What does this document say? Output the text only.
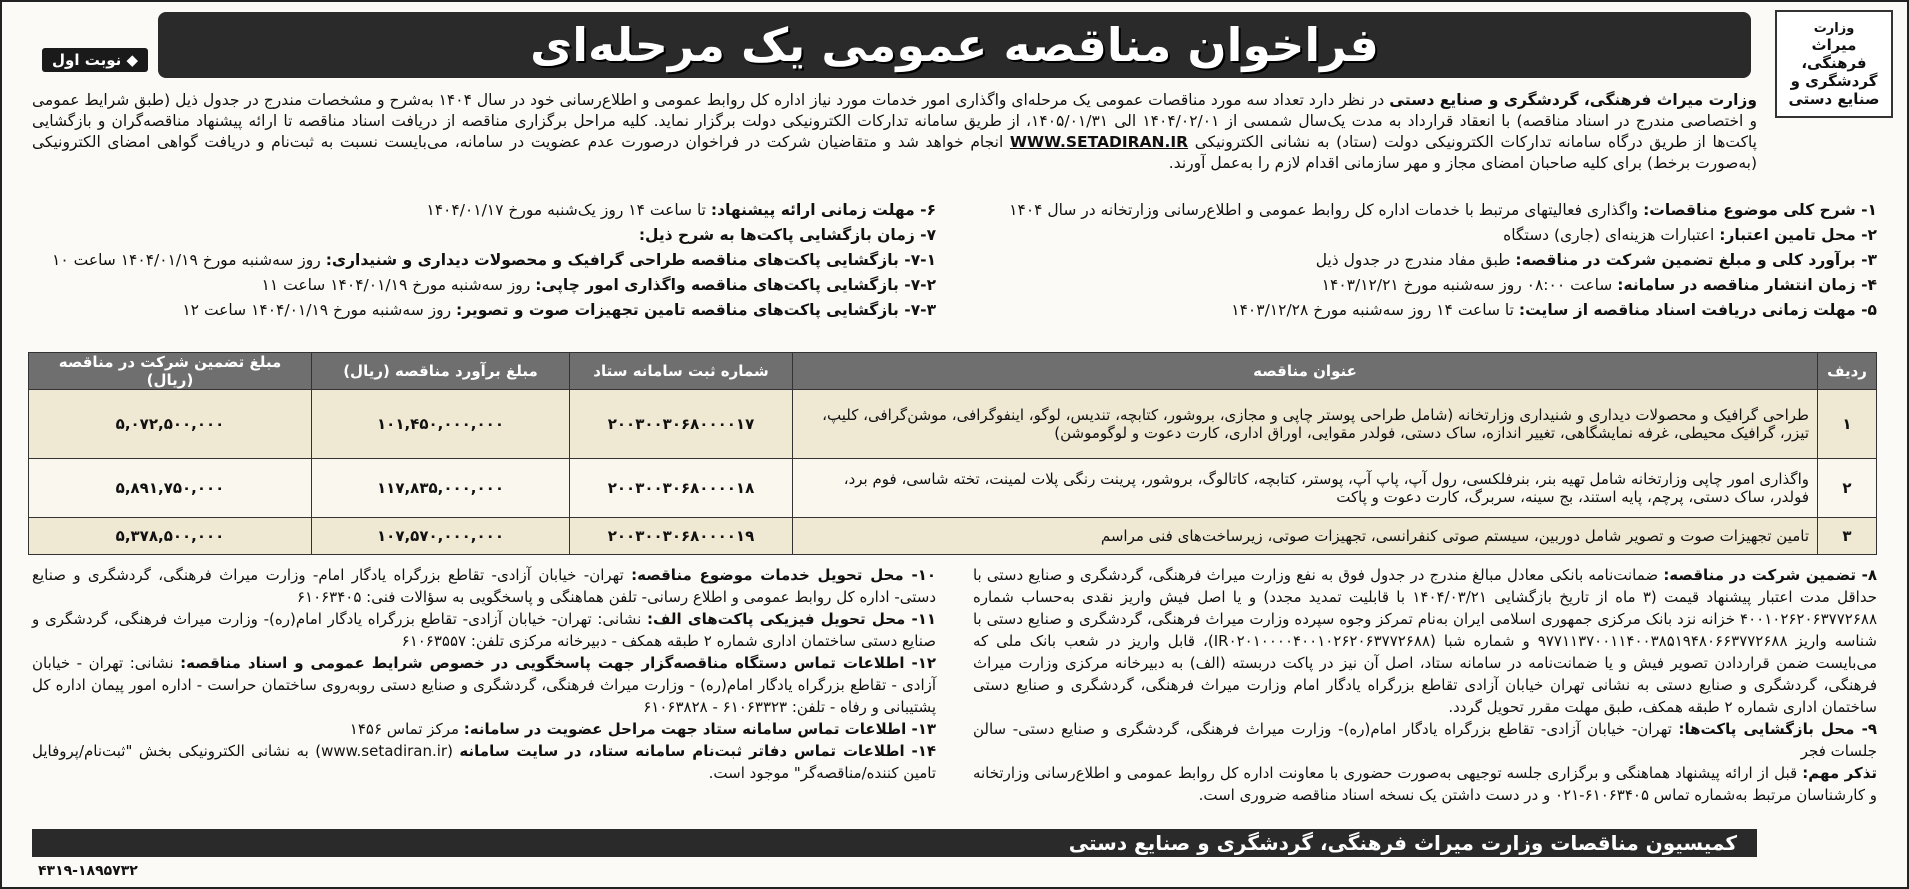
وزارت
میراث فرهنگی، گردشگری و صنایع دستی
فراخوان مناقصه عمومی یک مرحله‌ای
◆ نوبت اول
وزارت میراث فرهنگی، گردشگری و صنایع دستی در نظر دارد تعداد سه مورد مناقصات عمومی یک مرحله‌ای واگذاری امور خدمات مورد نیاز اداره کل روابط عمومی و اطلاع‌رسانی خود در سال ۱۴۰۴ به‌شرح و مشخصات مندرج در جدول ذیل (طبق شرایط عمومی و اختصاصی مندرج در اسناد مناقصه) با انعقاد قرارداد به مدت یک‌سال شمسی از ۱۴۰۴/۰۲/۰۱ الی ۱۴۰۵/۰۱/۳۱، از طریق سامانه تدارکات الکترونیکی دولت برگزار نماید. کلیه مراحل برگزاری مناقصه از دریافت اسناد مناقصه تا ارائه پیشنهاد مناقصه‌گران و بازگشایی پاکت‌ها از طریق درگاه سامانه تدارکات الکترونیکی دولت (ستاد) به نشانی الکترونیکی WWW.SETADIRAN.IR انجام خواهد شد و متقاضیان شرکت در فراخوان درصورت عدم عضویت در سامانه، می‌بایست نسبت به ثبت‌نام و دریافت گواهی امضای الکترونیکی (به‌صورت برخط) برای کلیه صاحبان امضای مجاز و مهر سازمانی اقدام لازم را به‌عمل آورند.
۱- شرح کلی موضوع مناقصات: واگذاری فعالیتهای مرتبط با خدمات اداره کل روابط عمومی و اطلاع‌رسانی وزارتخانه در سال ۱۴۰۴
۲- محل تامین اعتبار: اعتبارات هزینه‌ای (جاری) دستگاه
۳- برآورد کلی و مبلغ تضمین شرکت در مناقصه: طبق مفاد مندرج در جدول ذیل
۴- زمان انتشار مناقصه در سامانه: ساعت ۰۸:۰۰ روز سه‌شنبه مورخ ۱۴۰۳/۱۲/۲۱
۵- مهلت زمانی دریافت اسناد مناقصه از سایت: تا ساعت ۱۴ روز سه‌شنبه مورخ ۱۴۰۳/۱۲/۲۸
۶- مهلت زمانی ارائه پیشنهاد: تا ساعت ۱۴ روز یک‌شنبه مورخ ۱۴۰۴/۰۱/۱۷
۷- زمان بازگشایی پاکت‌ها به شرح ذیل:
۷-۱- بازگشایی پاکت‌های مناقصه طراحی گرافیک و محصولات دیداری و شنیداری: روز سه‌شنبه مورخ ۱۴۰۴/۰۱/۱۹ ساعت ۱۰
۷-۲- بازگشایی پاکت‌های مناقصه واگذاری امور چاپی: روز سه‌شنبه مورخ ۱۴۰۴/۰۱/۱۹ ساعت ۱۱
۷-۳- بازگشایی پاکت‌های مناقصه تامین تجهیزات صوت و تصویر: روز سه‌شنبه مورخ ۱۴۰۴/۰۱/۱۹ ساعت ۱۲
ردیف	عنوان مناقصه	شماره ثبت سامانه ستاد	مبلغ برآورد مناقصه (ریال)	مبلغ تضمین شرکت در مناقصه (ریال)
۱	طراحی گرافیک و محصولات دیداری و شنیداری وزارتخانه (شامل طراحی پوستر چاپی و مجازی، بروشور، کتابچه، تندیس، لوگو، اینفوگرافی، موشن‌گرافی، کلیپ، تیزر، گرافیک محیطی، غرفه نمایشگاهی، تغییر اندازه، ساک دستی، فولدر مقوایی، اوراق اداری، کارت دعوت و لوگوموشن)	۲۰۰۳۰۰۳۰۶۸۰۰۰۰۱۷	۱۰۱,۴۵۰,۰۰۰,۰۰۰	۵,۰۷۲,۵۰۰,۰۰۰
۲	واگذاری امور چاپی وزارتخانه شامل تهیه بنر، بنرفلکسی، رول آپ، پاپ آپ، پوستر، کتابچه، کاتالوگ، بروشور، پرینت رنگی پلات لمینت، تخته شاسی، فوم برد، فولدر، ساک دستی، پرچم، پایه استند، بج سینه، سربرگ، کارت دعوت و پاکت	۲۰۰۳۰۰۳۰۶۸۰۰۰۰۱۸	۱۱۷,۸۳۵,۰۰۰,۰۰۰	۵,۸۹۱,۷۵۰,۰۰۰
۳	تامین تجهیزات صوت و تصویر شامل دوربین، سیستم صوتی کنفرانسی، تجهیزات صوتی، زیرساخت‌های فنی مراسم	۲۰۰۳۰۰۳۰۶۸۰۰۰۰۱۹	۱۰۷,۵۷۰,۰۰۰,۰۰۰	۵,۳۷۸,۵۰۰,۰۰۰
۸- تضمین شرکت در مناقصه: ضمانت‌نامه بانکی معادل مبالغ مندرج در جدول فوق به نفع وزارت میراث فرهنگی، گردشگری و صنایع دستی با حداقل مدت اعتبار پیشنهاد قیمت (۳ ماه از تاریخ بازگشایی ۱۴۰۴/۰۳/۲۱ با قابلیت تمدید مجدد) و یا اصل فیش واریز نقدی به‌حساب شماره ۴۰۰۱۰۲۶۲۰۶۳۷۷۲۶۸۸ خزانه نزد بانک مرکزی جمهوری اسلامی ایران به‌نام تمرکز وجوه سپرده وزارت میراث فرهنگی، گردشگری و صنایع دستی با شناسه واریز ۹۷۷۱۱۳۷۰۰۱۱۴۰۰۳۸۵۱۹۴۸۰۶۶۳۷۷۲۶۸۸ و شماره شبا (IR۰۲۰۱۰۰۰۰۴۰۰۱۰۲۶۲۰۶۳۷۷۲۶۸۸)، قابل واریز در شعب بانک ملی که می‌بایست ضمن قراردادن تصویر فیش و یا ضمانت‌نامه در سامانه ستاد، اصل آن نیز در پاکت دربسته (الف) به دبیرخانه مرکزی وزارت میراث فرهنگی، گردشگری و صنایع دستی به نشانی تهران خیابان آزادی تقاطع بزرگراه یادگار امام وزارت میراث فرهنگی، گردشگری و صنایع دستی ساختمان اداری شماره ۲ طبقه همکف، طبق مهلت مقرر تحویل گردد.
۹- محل بازگشایی پاکت‌ها: تهران- خیابان آزادی- تقاطع بزرگراه یادگار امام(ره)- وزارت میراث فرهنگی، گردشگری و صنایع دستی- سالن جلسات فجر
تذکر مهم: قبل از ارائه پیشنهاد هماهنگی و برگزاری جلسه توجیهی به‌صورت حضوری با معاونت اداره کل روابط عمومی و اطلاع‌رسانی وزارتخانه و کارشناسان مرتبط به‌شماره تماس ۶۱۰۶۳۴۰۵-۰۲۱ و در دست داشتن یک نسخه اسناد مناقصه ضروری است.
۱۰- محل تحویل خدمات موضوع مناقصه: تهران- خیابان آزادی- تقاطع بزرگراه یادگار امام- وزارت میراث فرهنگی، گردشگری و صنایع دستی- اداره کل روابط عمومی و اطلاع رسانی- تلفن هماهنگی و پاسخگویی به سؤالات فنی: ۶۱۰۶۳۴۰۵
۱۱- محل تحویل فیزیکی پاکت‌های الف: نشانی: تهران- خیابان آزادی- تقاطع بزرگراه یادگار امام(ره)- وزارت میراث فرهنگی، گردشگری و صنایع دستی ساختمان اداری شماره ۲ طبقه همکف - دبیرخانه مرکزی تلفن: ۶۱۰۶۳۵۵۷
۱۲- اطلاعات تماس دستگاه مناقصه‌گزار جهت پاسخگویی در خصوص شرایط عمومی و اسناد مناقصه: نشانی: تهران - خیابان آزادی - تقاطع بزرگراه یادگار امام(ره) - وزارت میراث فرهنگی، گردشگری و صنایع دستی روبه‌روی ساختمان حراست - اداره امور پیمان اداره کل پشتیبانی و رفاه - تلفن: ۶۱۰۶۳۳۲۳ - ۶۱۰۶۳۸۲۸
۱۳- اطلاعات تماس سامانه ستاد جهت مراحل عضویت در سامانه: مرکز تماس ۱۴۵۶
۱۴- اطلاعات تماس دفاتر ثبت‌نام سامانه ستاد، در سایت سامانه (www.setadiran.ir) به نشانی الکترونیکی بخش "ثبت‌نام/پروفایل تامین کننده/مناقصه‌گر" موجود است.
کمیسیون مناقصات وزارت میراث فرهنگی، گردشگری و صنایع دستی
۴۳۱۹-۱۸۹۵۷۳۲
